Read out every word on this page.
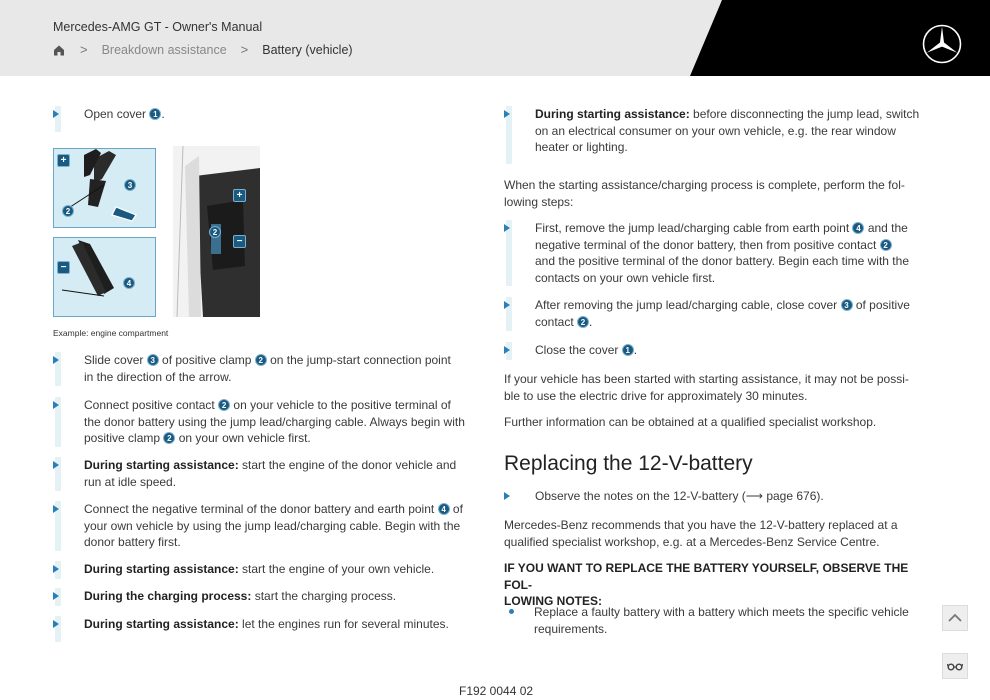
Mercedes-AMG GT - Owner's Manual
> Breakdown assistance > Battery (vehicle)
Open cover 1 .
+
3
2
−
4
+
2
−
Example: engine compartment
Slide cover 3 of positive clamp 2 on the jump-start connection point
in the direction of the arrow.
Connect positive contact 2 on your vehicle to the positive terminal of
the donor battery using the jump lead/charging cable. Always begin with
positive clamp 2 on your own vehicle first.
During starting assistance: start the engine of the donor vehicle and
run at idle speed.
Connect the negative terminal of the donor battery and earth point 4 of
your own vehicle by using the jump lead/charging cable. Begin with the
donor battery first.
During starting assistance: start the engine of your own vehicle.
During the charging process: start the charging process.
During starting assistance: let the engines run for several minutes.
During starting assistance: before disconnecting the jump lead, switch
on an electrical consumer on your own vehicle, e.g. the rear window
heater or lighting.
When the starting assistance/charging process is complete, perform the fol-
lowing steps:
First, remove the jump lead/charging cable from earth point 4 and the
negative terminal of the donor battery, then from positive contact 2
and the positive terminal of the donor battery. Begin each time with the
contacts on your own vehicle first.
After removing the jump lead/charging cable, close cover 3 of positive
contact 2 .
Close the cover 1 .
If your vehicle has been started with starting assistance, it may not be possi-
ble to use the electric drive for approximately 30 minutes.
Further information can be obtained at a qualified specialist workshop.
Replacing the 12-V-battery
Observe the notes on the 12-V-battery (⟶ page 676).
Mercedes-Benz recommends that you have the 12-V-battery replaced at a
qualified specialist workshop, e.g. at a Mercedes-Benz Service Centre.
IF YOU WANT TO REPLACE THE BATTERY YOURSELF, OBSERVE THE FOL-
LOWING NOTES:
Replace a faulty battery with a battery which meets the specific vehicle
requirements.
F192 0044 02
